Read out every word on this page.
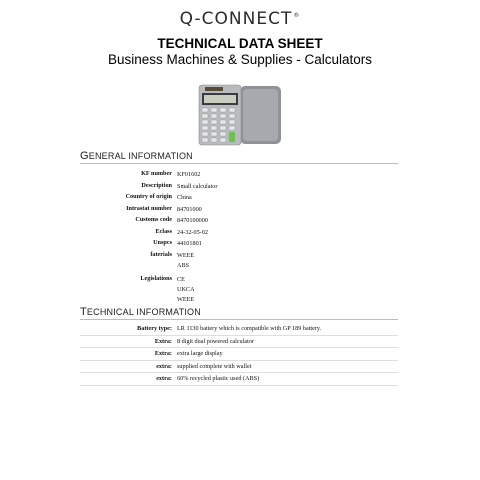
Q-CONNECT®
TECHNICAL DATA SHEET
Business Machines & Supplies - Calculators
GENERAL INFORMATION
KF number KF01602
Description Small calculator
Country of origin China
Intrastat number 84701000
Customs code 8470100000
Eclass 24-32-05-02
Unspcs 44101801
faterials WEEE
ABS
Legislations CE
UKCA
WEEE
TECHNICAL INFORMATION
Battery type: LR 1130 battery which is compatible with GP 189 battery.
Extra: 8 digit dual powered calculator
Extra: extra large display
extra: supplied complete with wallet
extra: 60% recycled plastic used (ABS)
